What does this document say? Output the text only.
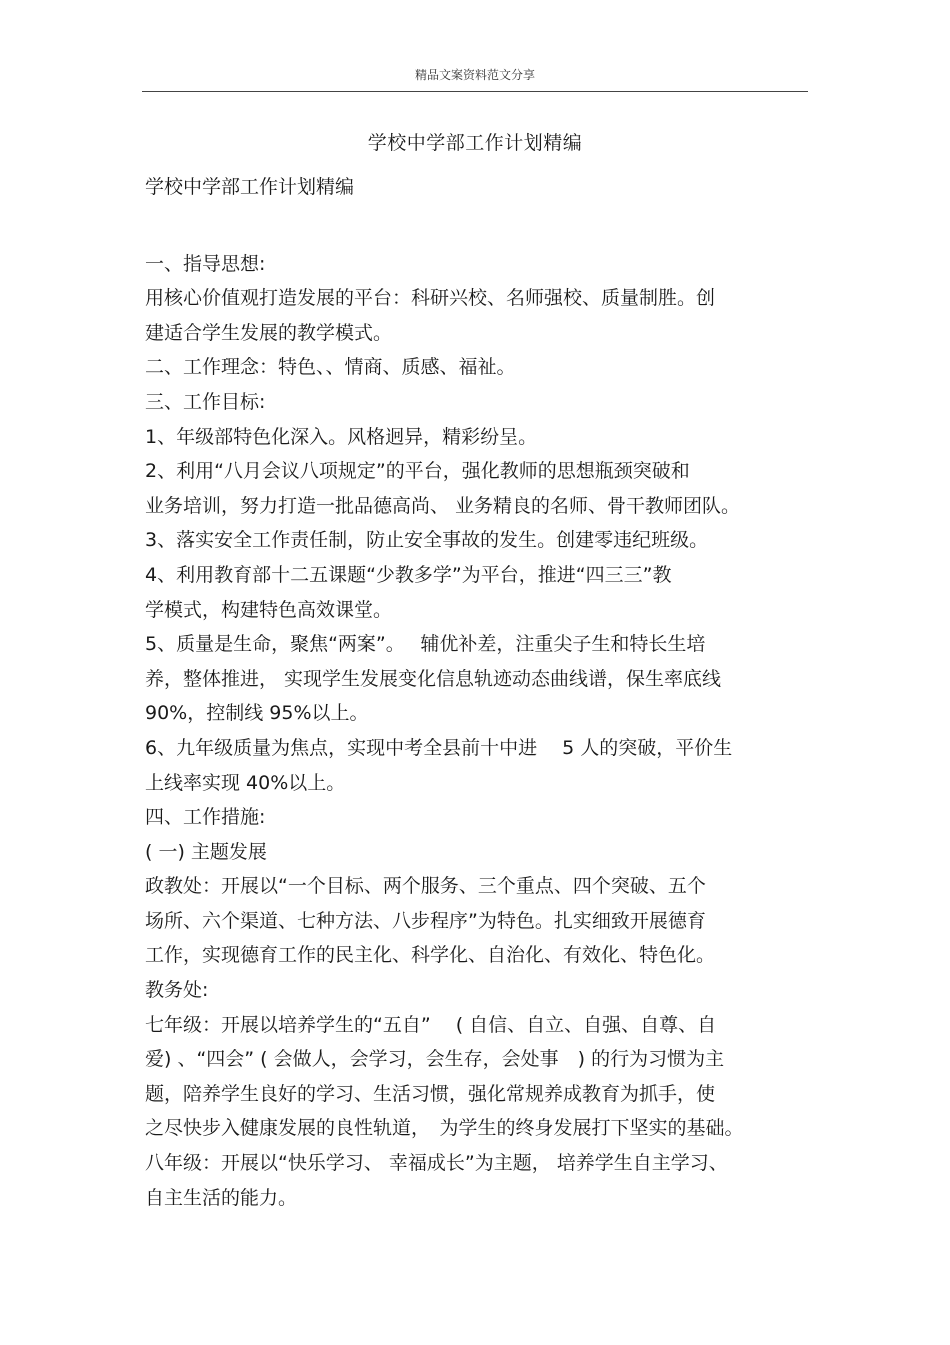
精品文案资料范文分享
学校中学部工作计划精编
学校中学部工作计划精编
一、指导思想:
用核心价值观打造发展的平台：科研兴校、名师强校、质量制胜。创
建适合学生发展的教学模式。
二、工作理念：特色、、情商、质感、福祉。
三、工作目标:
1、年级部特色化深入。风格迥异，精彩纷呈。
2、利用“八月会议八项规定”的平台，强化教师的思想瓶颈突破和
业务培训，努力打造一批品德高尚、 业务精良的名师、骨干教师团队。
3、落实安全工作责任制，防止安全事故的发生。创建零违纪班级。
4、利用教育部十二五课题“少教多学”为平台，推进“四三三”教
学模式，构建特色高效课堂。
5、质量是生命，聚焦“两案”。　 辅优补差，注重尖子生和特长生培
养，整体推进， 实现学生发展变化信息轨迹动态曲线谱，保生率底线
90%，控制线 95%以上。
6、九年级质量为焦点，实现中考全县前十中进　 5 人的突破，平价生
上线率实现 40%以上。
四、工作措施:
( 一) 主题发展
政教处：开展以“一个目标、两个服务、三个重点、四个突破、五个
场所、六个渠道、七种方法、八步程序”为特色。扎实细致开展德育
工作，实现德育工作的民主化、科学化、自治化、有效化、特色化。
教务处:
七年级：开展以培养学生的“五自”　 ( 自信、自立、自强、自尊、自
爱) 、“四会” ( 会做人，会学习，会生存，会处事　) 的行为习惯为主
题，陪养学生良好的学习、生活习惯，强化常规养成教育为抓手，使
之尽快步入健康发展的良性轨道，　为学生的终身发展打下坚实的基础。
八年级：开展以“快乐学习、 幸福成长”为主题， 培养学生自主学习、
自主生活的能力。
